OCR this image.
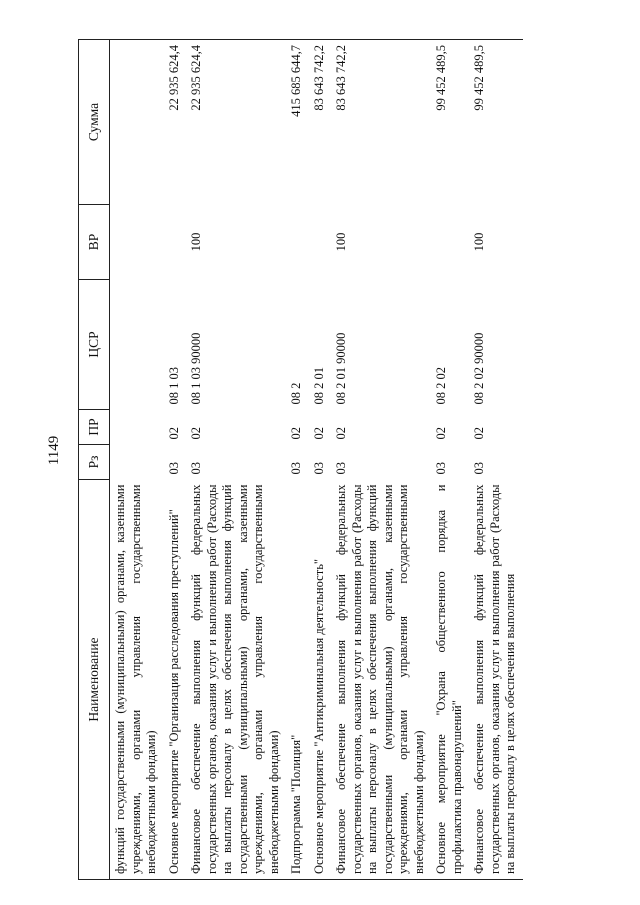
1149
Наименование	Рз	ПР	ЦСР	ВР	Сумма
функций государственными (муниципальными) органами, казенными учреждениями, органами управления государственными внебюджетными фондами)					
Основное мероприятие "Организация расследования преступлений"	03	02	08 1 03		22 935 624,4
Финансовое обеспечение выполнения функций федеральных государственных органов, оказания услуг и выполнения работ (Расходы на выплаты персоналу в целях обеспечения выполнения функций государственными (муниципальными) органами, казенными учреждениями, органами управления государственными внебюджетными фондами)	03	02	08 1 03 90000	100	22 935 624,4
Подпрограмма "Полиция"	03	02	08 2		415 685 644,7
Основное мероприятие "Антикриминальная деятельность"	03	02	08 2 01		83 643 742,2
Финансовое обеспечение выполнения функций федеральных государственных органов, оказания услуг и выполнения работ (Расходы на выплаты персоналу в целях обеспечения выполнения функций государственными (муниципальными) органами, казенными учреждениями, органами управления государственными внебюджетными фондами)	03	02	08 2 01 90000	100	83 643 742,2
Основное мероприятие "Охрана общественного порядка и профилактика правонарушений"	03	02	08 2 02		99 452 489,5
Финансовое обеспечение выполнения функций федеральных государственных органов, оказания услуг и выполнения работ (Расходы на выплаты персоналу в целях обеспечения выполнения	03	02	08 2 02 90000	100	99 452 489,5
